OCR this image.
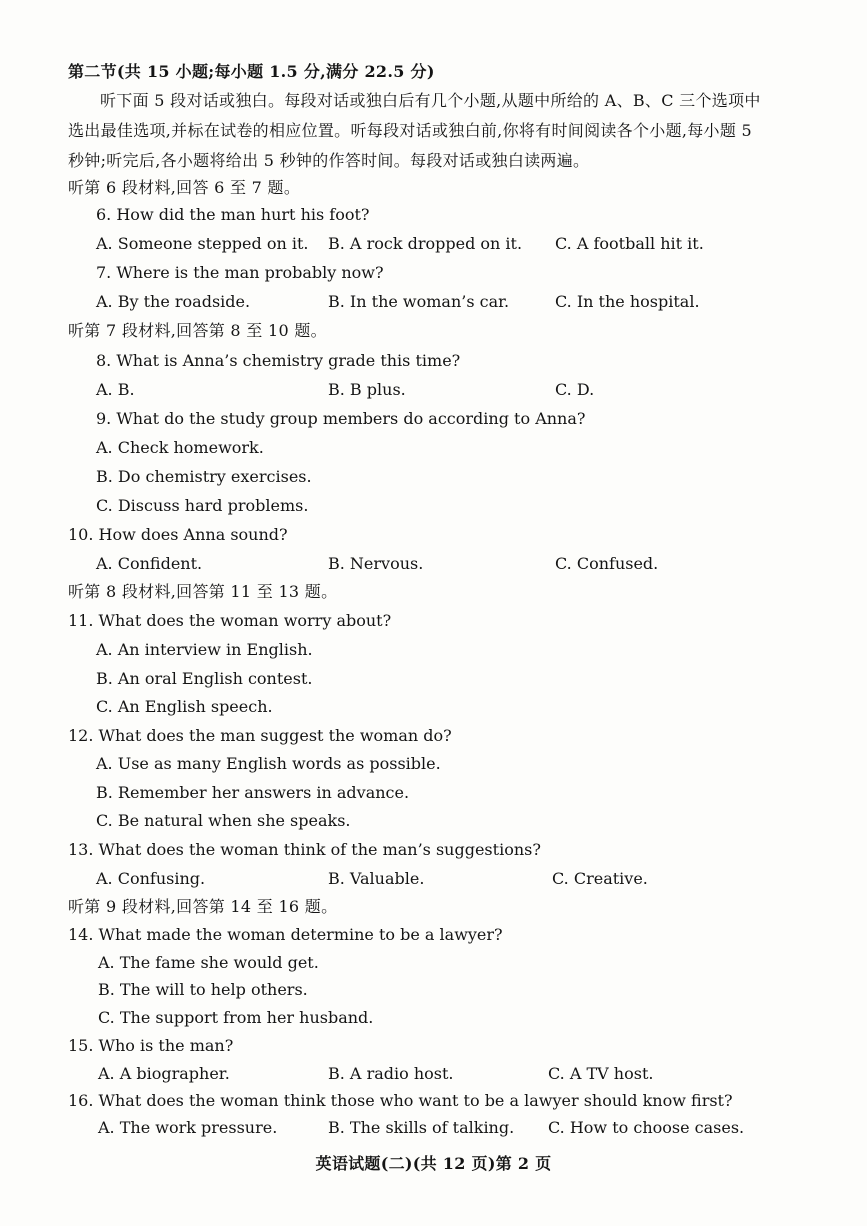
第二节(共 15 小题;每小题 1.5 分,满分 22.5 分)
听下面 5 段对话或独白。每段对话或独白后有几个小题,从题中所给的 A、B、C 三个选项中选出最佳选项,并标在试卷的相应位置。听每段对话或独白前,你将有时间阅读各个小题,每小题 5 秒钟;听完后,各小题将给出 5 秒钟的作答时间。每段对话或独白读两遍。
听第 6 段材料,回答 6 至 7 题。
6. How did the man hurt his foot?
A. Someone stepped on it. B. A rock dropped on it. C. A football hit it.
7. Where is the man probably now?
A. By the roadside.	B. In the woman’s car.	C. In the hospital.
听第 7 段材料,回答第 8 至 10 题。
8. What is Anna’s chemistry grade this time?
A. B.	B. B plus.	C. D.
9. What do the study group members do according to Anna?
A. Check homework.
B. Do chemistry exercises.
C. Discuss hard problems.
10. How does Anna sound?
A. Confident.	B. Nervous.	C. Confused.
听第 8 段材料,回答第 11 至 13 题。
11. What does the woman worry about?
A. An interview in English.
B. An oral English contest.
C. An English speech.
12. What does the man suggest the woman do?
A. Use as many English words as possible.
B. Remember her answers in advance.
C. Be natural when she speaks.
13. What does the woman think of the man’s suggestions?
A. Confusing.	B. Valuable.	C. Creative.
听第 9 段材料,回答第 14 至 16 题。
14. What made the woman determine to be a lawyer?
A. The fame she would get.
B. The will to help others.
C. The support from her husband.
15. Who is the man?
A. A biographer.	B. A radio host.	C. A TV host.
16. What does the woman think those who want to be a lawyer should know first?
A. The work pressure.	B. The skills of talking. C. How to choose cases.
英语试题(二)(共 12 页)第 2 页
